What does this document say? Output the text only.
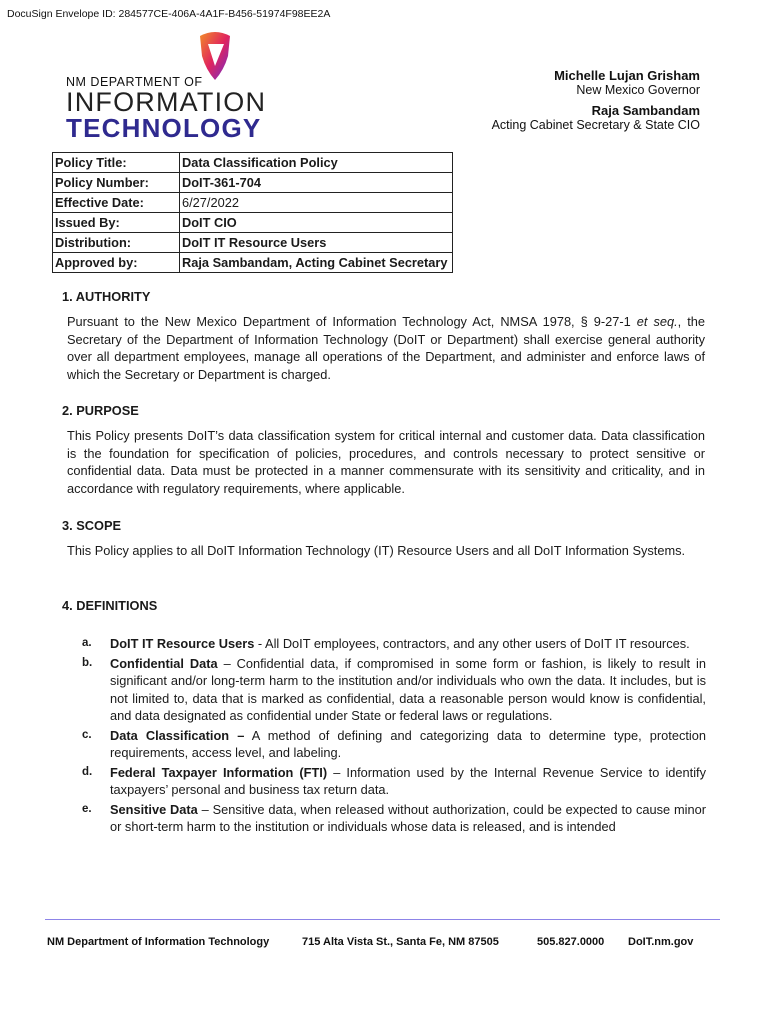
DocuSign Envelope ID: 284577CE-406A-4A1F-B456-51974F98EE2A
NM DEPARTMENT OF
INFORMATION
TECHNOLOGY
Michelle Lujan Grisham
New Mexico Governor
Raja Sambandam
Acting Cabinet Secretary & State CIO
Policy Title:	Data Classification Policy
Policy Number:	DoIT-361-704
Effective Date:	6/27/2022
Issued By:	DoIT CIO
Distribution:	DoIT IT Resource Users
Approved by:	Raja Sambandam, Acting Cabinet Secretary
1. AUTHORITY
Pursuant to the New Mexico Department of Information Technology Act, NMSA 1978, § 9-27-1 et seq., the Secretary of the Department of Information Technology (DoIT or Department) shall exercise general authority over all department employees, manage all operations of the Department, and administer and enforce laws of which the Secretary or Department is charged.
2. PURPOSE
This Policy presents DoIT’s data classification system for critical internal and customer data. Data classification is the foundation for specification of policies, procedures, and controls necessary to protect sensitive or confidential data. Data must be protected in a manner commensurate with its sensitivity and criticality, and in accordance with regulatory requirements, where applicable.
3. SCOPE
This Policy applies to all DoIT Information Technology (IT) Resource Users and all DoIT Information Systems.
4. DEFINITIONS
a.	DoIT IT Resource Users - All DoIT employees, contractors, and any other users of DoIT IT resources.
b.	Confidential Data – Confidential data, if compromised in some form or fashion, is likely to result in significant and/or long-term harm to the institution and/or individuals who own the data. It includes, but is not limited to, data that is marked as confidential, data a reasonable person would know is confidential, and data designated as confidential under State or federal laws or regulations.
c.	Data Classification – A method of defining and categorizing data to determine type, protection requirements, access level, and labeling.
d.	Federal Taxpayer Information (FTI) – Information used by the Internal Revenue Service to identify taxpayers’ personal and business tax return data.
e.	Sensitive Data – Sensitive data, when released without authorization, could be expected to cause minor or short-term harm to the institution or individuals whose data is released, and is intended
NM Department of Information Technology	715 Alta Vista St., Santa Fe, NM 87505	505.827.0000 DoIT.nm.gov
